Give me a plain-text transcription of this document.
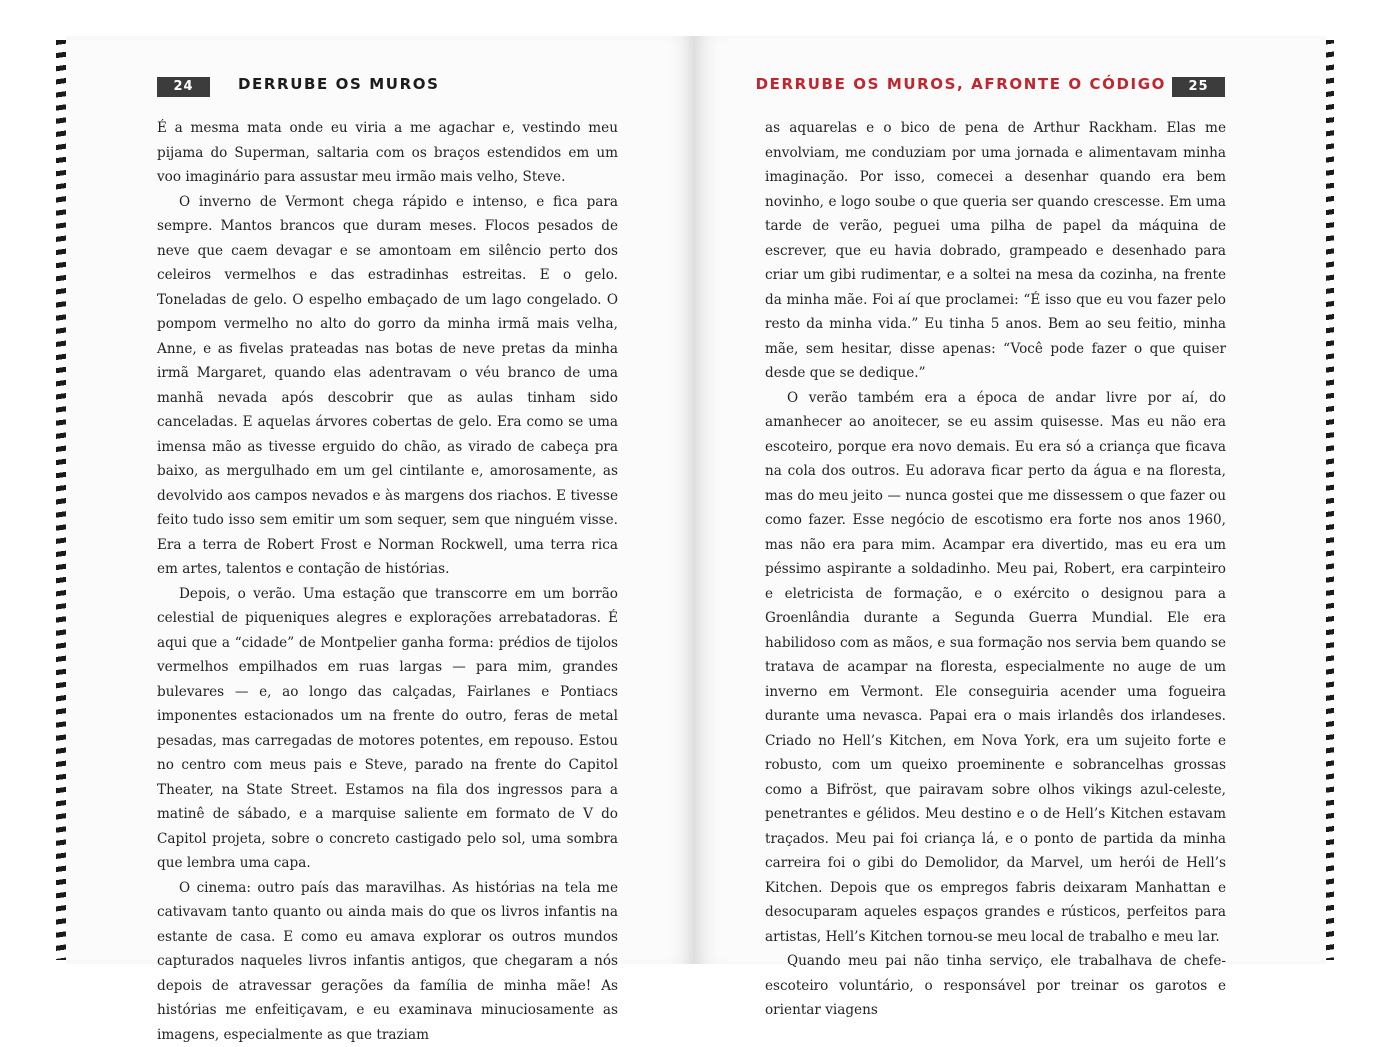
24	DERRUBE OS MUROS

É a mesma mata onde eu viria a me agachar e, vestindo meu pijama do Superman, saltaria com os braços estendidos em um voo imaginário para assustar meu irmão mais velho, Steve.

O inverno de Vermont chega rápido e intenso, e fica para sempre. Mantos brancos que duram meses. Flocos pesados de neve que caem devagar e se amontoam em silêncio perto dos celeiros vermelhos e das estradinhas estreitas. E o gelo. Toneladas de gelo. O espelho embaçado de um lago congelado. O pompom vermelho no alto do gorro da minha irmã mais velha, Anne, e as fivelas prateadas nas botas de neve pretas da minha irmã Margaret, quando elas adentravam o véu branco de uma manhã nevada após descobrir que as aulas tinham sido canceladas. E aquelas árvores cobertas de gelo. Era como se uma imensa mão as tivesse erguido do chão, as virado de cabeça pra baixo, as mergulhado em um gel cintilante e, amorosamente, as devolvido aos campos nevados e às margens dos riachos. E tivesse feito tudo isso sem emitir um som sequer, sem que ninguém visse. Era a terra de Robert Frost e Norman Rockwell, uma terra rica em artes, talentos e contação de histórias.

Depois, o verão. Uma estação que transcorre em um borrão celestial de piqueniques alegres e explorações arrebatadoras. É aqui que a “cidade” de Montpelier ganha forma: prédios de tijolos vermelhos empilhados em ruas largas — para mim, grandes bulevares — e, ao longo das calçadas, Fairlanes e Pontiacs imponentes estacionados um na frente do outro, feras de metal pesadas, mas carregadas de motores potentes, em repouso. Estou no centro com meus pais e Steve, parado na frente do Capitol Theater, na State Street. Estamos na fila dos ingressos para a matinê de sábado, e a marquise saliente em formato de V do Capitol projeta, sobre o concreto castigado pelo sol, uma sombra que lembra uma capa.

O cinema: outro país das maravilhas. As histórias na tela me cativavam tanto quanto ou ainda mais do que os livros infantis na estante de casa. E como eu amava explorar os outros mundos capturados naqueles livros infantis antigos, que chegaram a nós depois de atravessar gerações da família de minha mãe! As histórias me enfeitiçavam, e eu examinava minuciosamente as imagens, especialmente as que traziam

DERRUBE OS MUROS, AFRONTE O CÓDIGO	25

as aquarelas e o bico de pena de Arthur Rackham. Elas me envolviam, me conduziam por uma jornada e alimentavam minha imaginação. Por isso, comecei a desenhar quando era bem novinho, e logo soube o que queria ser quando crescesse. Em uma tarde de verão, peguei uma pilha de papel da máquina de escrever, que eu havia dobrado, grampeado e desenhado para criar um gibi rudimentar, e a soltei na mesa da cozinha, na frente da minha mãe. Foi aí que proclamei: “É isso que eu vou fazer pelo resto da minha vida.” Eu tinha 5 anos. Bem ao seu feitio, minha mãe, sem hesitar, disse apenas: “Você pode fazer o que quiser desde que se dedique.”

O verão também era a época de andar livre por aí, do amanhecer ao anoitecer, se eu assim quisesse. Mas eu não era escoteiro, porque era novo demais. Eu era só a criança que ficava na cola dos outros. Eu adorava ficar perto da água e na floresta, mas do meu jeito — nunca gostei que me dissessem o que fazer ou como fazer. Esse negócio de escotismo era forte nos anos 1960, mas não era para mim. Acampar era divertido, mas eu era um péssimo aspirante a soldadinho. Meu pai, Robert, era carpinteiro e eletricista de formação, e o exército o designou para a Groenlândia durante a Segunda Guerra Mundial. Ele era habilidoso com as mãos, e sua formação nos servia bem quando se tratava de acampar na floresta, especialmente no auge de um inverno em Vermont. Ele conseguiria acender uma fogueira durante uma nevasca. Papai era o mais irlandês dos irlandeses. Criado no Hell’s Kitchen, em Nova York, era um sujeito forte e robusto, com um queixo proeminente e sobrancelhas grossas como a Bifröst, que pairavam sobre olhos vikings azul-celeste, penetrantes e gélidos. Meu destino e o de Hell’s Kitchen estavam traçados. Meu pai foi criança lá, e o ponto de partida da minha carreira foi o gibi do Demolidor, da Marvel, um herói de Hell’s Kitchen. Depois que os empregos fabris deixaram Manhattan e desocuparam aqueles espaços grandes e rústicos, perfeitos para artistas, Hell’s Kitchen tornou-se meu local de trabalho e meu lar.

Quando meu pai não tinha serviço, ele trabalhava de chefe-escoteiro voluntário, o responsável por treinar os garotos e orientar viagens
